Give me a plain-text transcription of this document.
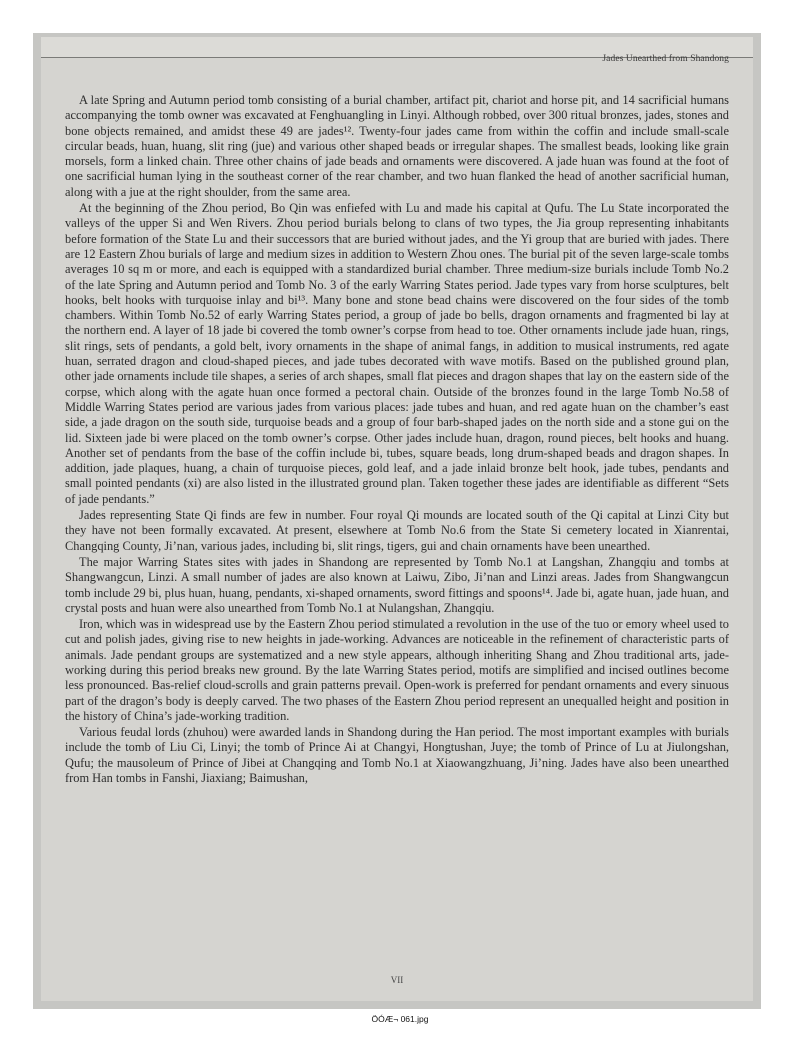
Jades Unearthed from Shandong

A late Spring and Autumn period tomb consisting of a burial chamber, artifact pit, chariot and horse pit, and 14 sacrificial humans accompanying the tomb owner was excavated at Fenghuangling in Linyi. Although robbed, over 300 ritual bronzes, jades, stones and bone objects remained, and amidst these 49 are jades¹². Twenty-four jades came from within the coffin and include small-scale circular beads, huan, huang, slit ring (jue) and various other shaped beads or irregular shapes. The smallest beads, looking like grain morsels, form a linked chain. Three other chains of jade beads and ornaments were discovered. A jade huan was found at the foot of one sacrificial human lying in the southeast corner of the rear chamber, and two huan flanked the head of another sacrificial human, along with a jue at the right shoulder, from the same area.

At the beginning of the Zhou period, Bo Qin was enfiefed with Lu and made his capital at Qufu. The Lu State incorporated the valleys of the upper Si and Wen Rivers. Zhou period burials belong to clans of two types, the Jia group representing inhabitants before formation of the State Lu and their successors that are buried without jades, and the Yi group that are buried with jades. There are 12 Eastern Zhou burials of large and medium sizes in addition to Western Zhou ones. The burial pit of the seven large-scale tombs averages 10 sq m or more, and each is equipped with a standardized burial chamber. Three medium-size burials include Tomb No.2 of the late Spring and Autumn period and Tomb No. 3 of the early Warring States period. Jade types vary from horse sculptures, belt hooks, belt hooks with turquoise inlay and bi¹³. Many bone and stone bead chains were discovered on the four sides of the tomb chambers. Within Tomb No.52 of early Warring States period, a group of jade bo bells, dragon ornaments and fragmented bi lay at the northern end. A layer of 18 jade bi covered the tomb owner’s corpse from head to toe. Other ornaments include jade huan, rings, slit rings, sets of pendants, a gold belt, ivory ornaments in the shape of animal fangs, in addition to musical instruments, red agate huan, serrated dragon and cloud-shaped pieces, and jade tubes decorated with wave motifs. Based on the published ground plan, other jade ornaments include tile shapes, a series of arch shapes, small flat pieces and dragon shapes that lay on the eastern side of the corpse, which along with the agate huan once formed a pectoral chain. Outside of the bronzes found in the large Tomb No.58 of Middle Warring States period are various jades from various places: jade tubes and huan, and red agate huan on the chamber’s east side, a jade dragon on the south side, turquoise beads and a group of four barb-shaped jades on the north side and a stone gui on the lid. Sixteen jade bi were placed on the tomb owner’s corpse. Other jades include huan, dragon, round pieces, belt hooks and huang. Another set of pendants from the base of the coffin include bi, tubes, square beads, long drum-shaped beads and dragon shapes. In addition, jade plaques, huang, a chain of turquoise pieces, gold leaf, and a jade inlaid bronze belt hook, jade tubes, pendants and small pointed pendants (xi) are also listed in the illustrated ground plan. Taken together these jades are identifiable as different “Sets of jade pendants.”

Jades representing State Qi finds are few in number. Four royal Qi mounds are located south of the Qi capital at Linzi City but they have not been formally excavated. At present, elsewhere at Tomb No.6 from the State Si cemetery located in Xianrentai, Changqing County, Ji’nan, various jades, including bi, slit rings, tigers, gui and chain ornaments have been unearthed.

The major Warring States sites with jades in Shandong are represented by Tomb No.1 at Langshan, Zhangqiu and tombs at Shangwangcun, Linzi. A small number of jades are also known at Laiwu, Zibo, Ji’nan and Linzi areas. Jades from Shangwangcun tomb include 29 bi, plus huan, huang, pendants, xi-shaped ornaments, sword fittings and spoons¹⁴. Jade bi, agate huan, jade huan, and crystal posts and huan were also unearthed from Tomb No.1 at Nulangshan, Zhangqiu.

Iron, which was in widespread use by the Eastern Zhou period stimulated a revolution in the use of the tuo or emory wheel used to cut and polish jades, giving rise to new heights in jade-working. Advances are noticeable in the refinement of characteristic parts of animals. Jade pendant groups are systematized and a new style appears, although inheriting Shang and Zhou traditional arts, jade-working during this period breaks new ground. By the late Warring States period, motifs are simplified and incised outlines become less pronounced. Bas-relief cloud-scrolls and grain patterns prevail. Open-work is preferred for pendant ornaments and every sinuous part of the dragon’s body is deeply carved. The two phases of the Eastern Zhou period represent an unequalled height and position in the history of China’s jade-working tradition.

Various feudal lords (zhuhou) were awarded lands in Shandong during the Han period. The most important examples with burials include the tomb of Liu Ci, Linyi; the tomb of Prince Ai at Changyi, Hongtushan, Juye; the tomb of Prince of Lu at Jiulongshan, Qufu; the mausoleum of Prince of Jibei at Changqing and Tomb No.1 at Xiaowangzhuang, Ji’ning. Jades have also been unearthed from Han tombs in Fanshi, Jiaxiang; Baimushan,

VII
ÖÓÆ¬ 061.jpg
